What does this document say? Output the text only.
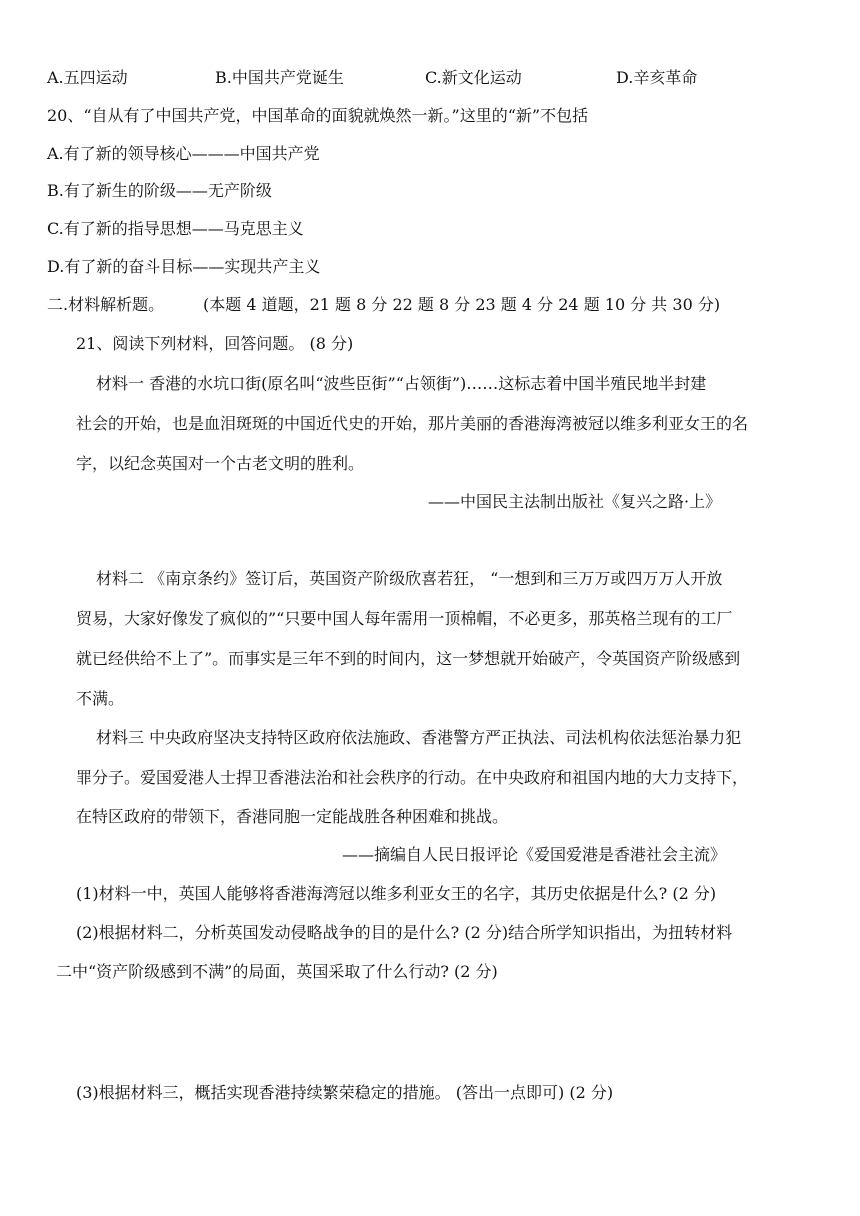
A.五四运动	B.中国共产党诞生	C.新文化运动	D.辛亥革命
20、“自从有了中国共产党，中国革命的面貌就焕然一新。”这里的“新”不包括
A.有了新的领导核心———中国共产党
B.有了新生的阶级——无产阶级
C.有了新的指导思想——马克思主义
D.有了新的奋斗目标——实现共产主义
二.材料解析题。 (本题 4 道题，21 题 8 分 22 题 8 分 23 题 4 分 24 题 10 分 共 30 分)
21、阅读下列材料，回答问题。 (8 分)
材料一 香港的水坑口街(原名叫“波些臣街”“占领街”)……这标志着中国半殖民地半封建
社会的开始，也是血泪斑斑的中国近代史的开始，那片美丽的香港海湾被冠以维多利亚女王的名
字，以纪念英国对一个古老文明的胜利。
——中国民主法制出版社《复兴之路·上》
材料二 《南京条约》签订后，英国资产阶级欣喜若狂， “一想到和三万万或四万万人开放
贸易，大家好像发了疯似的”“只要中国人每年需用一顶棉帽，不必更多，那英格兰现有的工厂
就已经供给不上了”。而事实是三年不到的时间内，这一梦想就开始破产，令英国资产阶级感到
不满。
材料三 中央政府坚决支持特区政府依法施政、香港警方严正执法、司法机构依法惩治暴力犯
罪分子。爱国爱港人士捍卫香港法治和社会秩序的行动。在中央政府和祖国内地的大力支持下，
在特区政府的带领下，香港同胞一定能战胜各种困难和挑战。
——摘编自人民日报评论《爱国爱港是香港社会主流》
(1)材料一中，英国人能够将香港海湾冠以维多利亚女王的名字，其历史依据是什么? (2 分)
(2)根据材料二，分析英国发动侵略战争的目的是什么? (2 分)结合所学知识指出，为扭转材料
二中“资产阶级感到不满”的局面，英国采取了什么行动? (2 分)
(3)根据材料三，概括实现香港持续繁荣稳定的措施。 (答出一点即可) (2 分)
